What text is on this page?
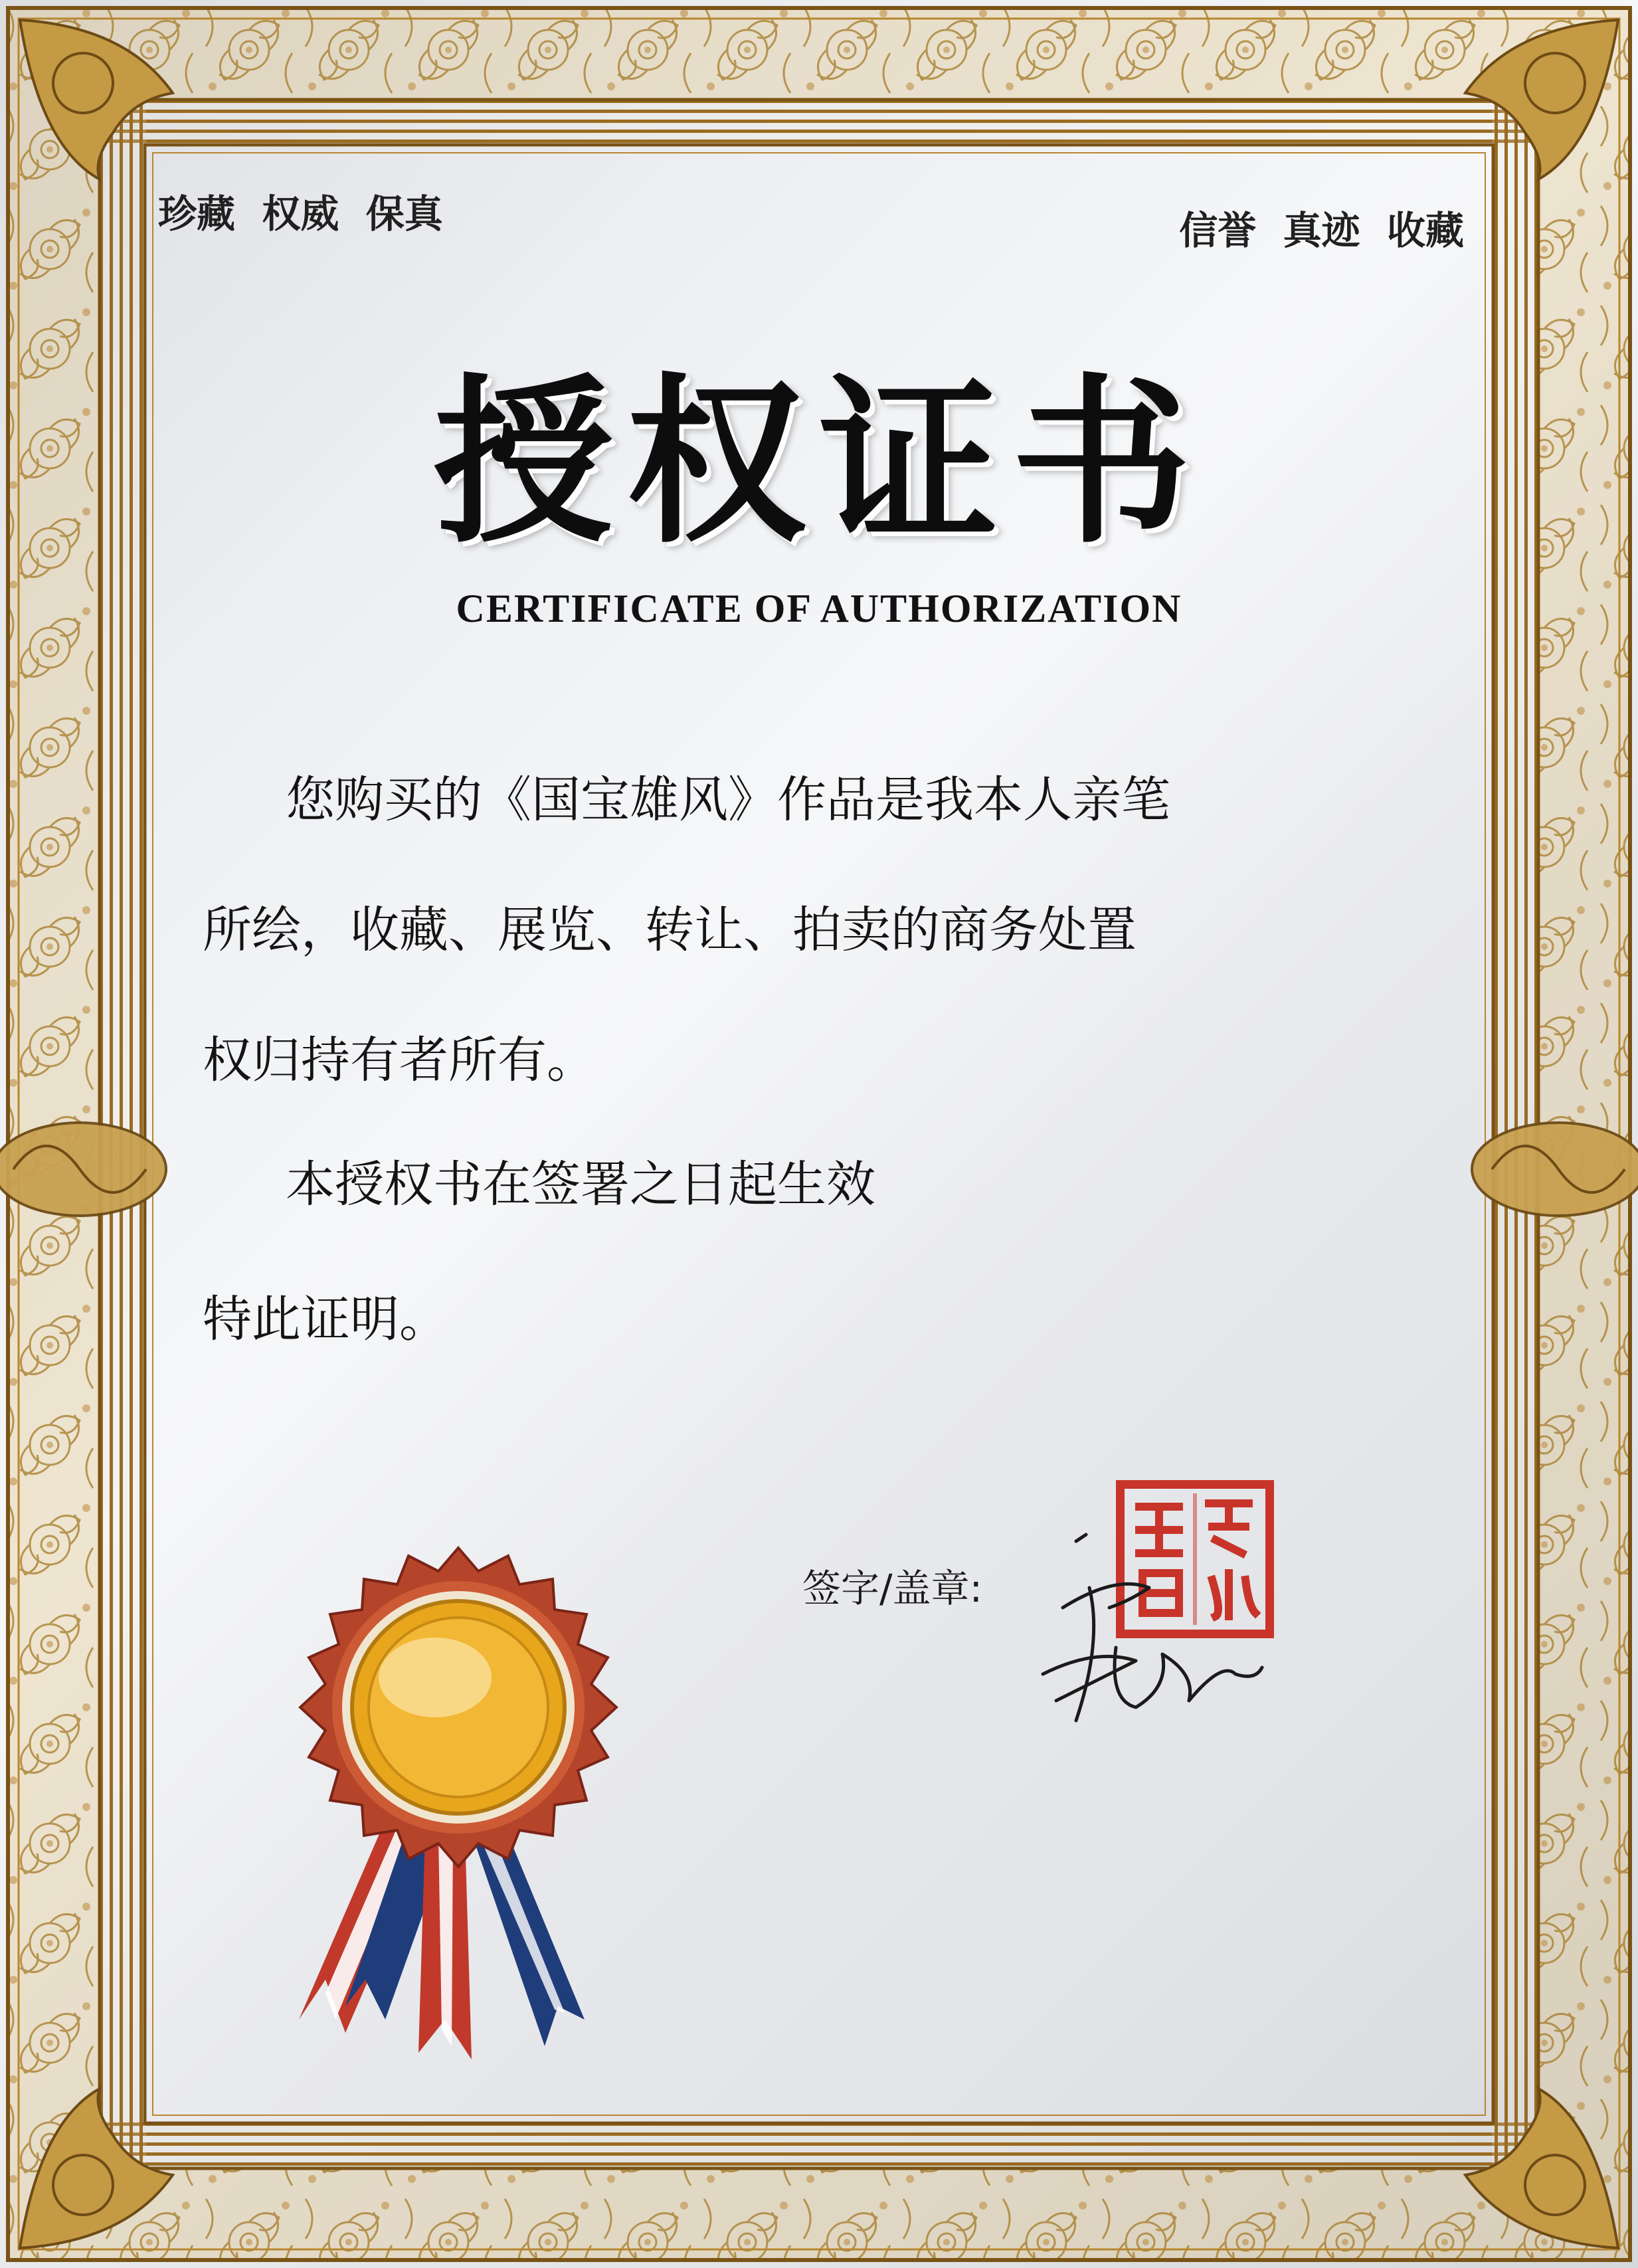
珍藏  权威  保真	信誉  真迹  收藏
授权证书
CERTIFICATE OF AUTHORIZATION
您购买的《国宝雄风》作品是我本人亲笔
所绘，收藏、展览、转让、拍卖的商务处置
权归持有者所有。
本授权书在签署之日起生效
特此证明。
签字/盖章:
